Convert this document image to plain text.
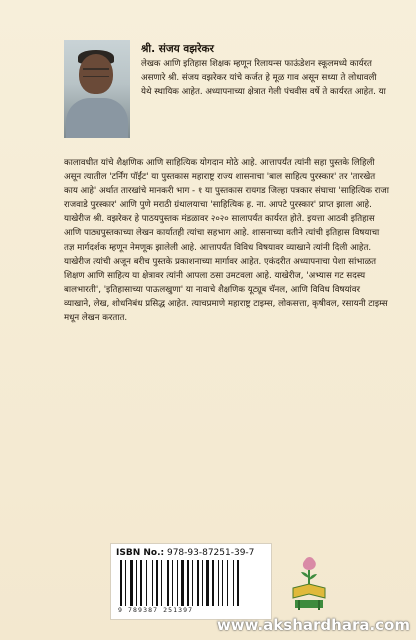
श्री. संजय वझरेकर

लेखक आणि इतिहास शिक्षक म्हणून रिलायन्स फाऊंडेशन स्कूलमध्ये कार्यरत असणारे श्री. संजय वझरेकर यांचे कर्जत हे मूळ गाव असून सध्या ते लोधावली येथे स्थायिक आहेत. अध्यापनाच्या क्षेत्रात गेली पंचवीस वर्षे ते कार्यरत आहेत. या

कालावधीत यांचे शैक्षणिक आणि साहित्यिक योगदान मोठे आहे. आत्तापर्यंत त्यांनी सहा पुस्तके लिहिली असून त्यातील 'टर्निंग पॉईंट' या पुस्तकास महाराष्ट्र राज्य शासनाचा 'बाल साहित्य पुरस्कार' तर 'तारखेत काय आहे' अर्थात तारखांचे मानकरी भाग - १ या पुस्तकास रायगड जिल्हा पत्रकार संघाचा 'साहित्यिक राजा राजवाडे पुरस्कार' आणि पुणे मराठी ग्रंथालयाचा 'साहित्यिक ह. ना. आपटे पुरस्कार' प्राप्त झाला आहे. याखेरीज श्री. वझरेकर हे पाठयपुस्तक मंडळावर २०२० सालापर्यंत कार्यरत होते. इयत्ता आठवी इतिहास आणि पाठ्यपुस्तकाच्या लेखन कार्यातही त्यांचा सहभाग आहे. शासनाच्या वतीने त्यांची इतिहास विषयाचा तज्ञ मार्गदर्शक म्हणून नेमणूक झालेली आहे. आत्तापर्यंत विविध विषयावर व्याखाने त्यांनी दिली आहेत. याखेरीज त्यांची अजून बरीच पुस्तके प्रकाशनाच्या मार्गावर आहेत. एकंदरीत अध्यापनाचा पेशा सांभाळत शिक्षण आणि साहित्य या क्षेत्रावर त्यांनी आपला ठसा उमटवला आहे. याखेरीज, 'अभ्यास गट सदस्य बालभारती', 'इतिहासाच्या पाऊलखुणा' या नावाचे शैक्षणिक यूट्यूब चॅनल, आणि विविध विषयांवर व्याखाने, लेख, शोधनिबंध प्रसिद्ध आहेत. त्याचप्रमाणे महाराष्ट्र टाइम्स, लोकसत्ता, कृषीवल, रसायनी टाइम्स मधून लेखन करतात.

ISBN No.: 978-93-87251-39-7
9 789387 251397
www.akshardhara.com
